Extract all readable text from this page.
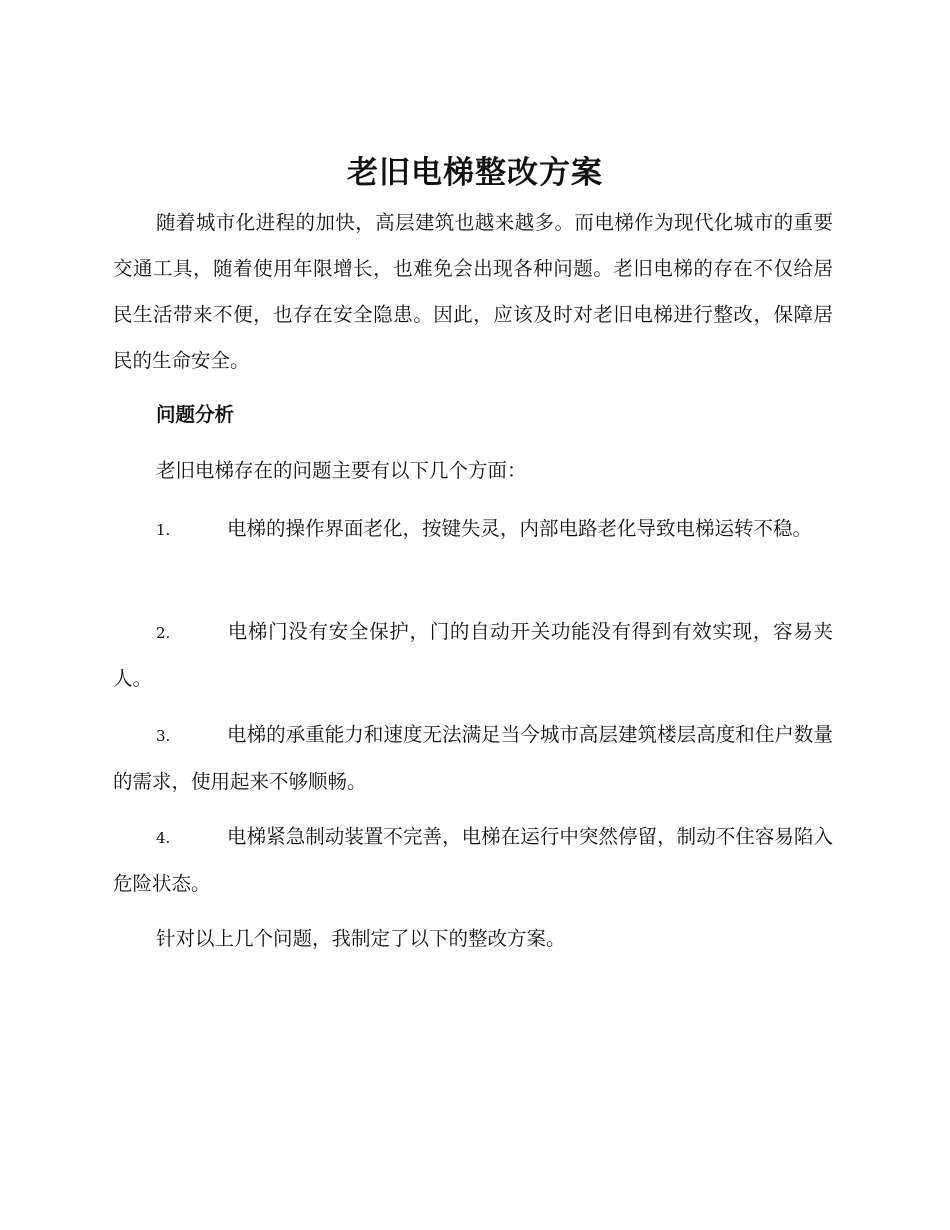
老旧电梯整改方案
随着城市化进程的加快，高层建筑也越来越多。而电梯作为现代化城市的重要交通工具，随着使用年限增长，也难免会出现各种问题。老旧电梯的存在不仅给居民生活带来不便，也存在安全隐患。因此，应该及时对老旧电梯进行整改，保障居民的生命安全。
问题分析
老旧电梯存在的问题主要有以下几个方面：
1.	电梯的操作界面老化，按键失灵，内部电路老化导致电梯运转不稳。
2.	电梯门没有安全保护，门的自动开关功能没有得到有效实现，容易夹人。
3.	电梯的承重能力和速度无法满足当今城市高层建筑楼层高度和住户数量的需求，使用起来不够顺畅。
4.	电梯紧急制动装置不完善，电梯在运行中突然停留，制动不住容易陷入危险状态。
针对以上几个问题，我制定了以下的整改方案。
